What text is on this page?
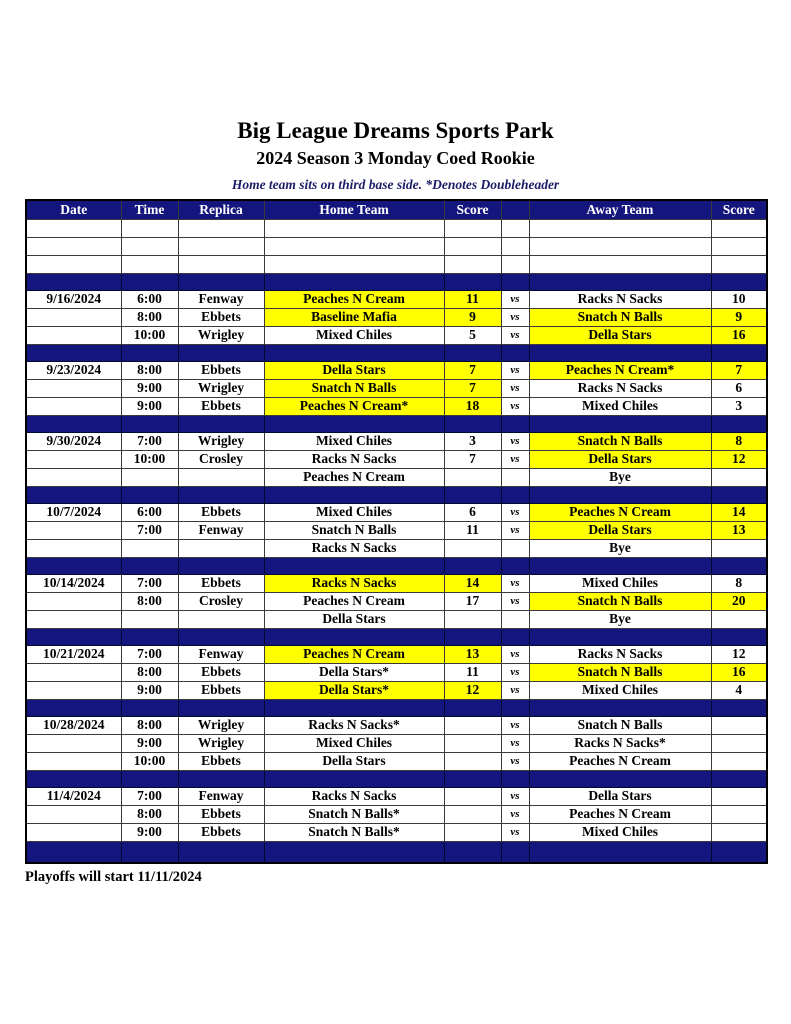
Big League Dreams Sports Park
2024 Season 3 Monday Coed Rookie
Home team sits on third base side. *Denotes Doubleheader
Date	Time	Replica	Home Team	Score		Away Team	Score

9/16/2024	6:00	Fenway	Peaches N Cream	11	vs	Racks N Sacks	10
	8:00	Ebbets	Baseline Mafia	9	vs	Snatch N Balls	9
	10:00	Wrigley	Mixed Chiles	5	vs	Della Stars	16

9/23/2024	8:00	Ebbets	Della Stars	7	vs	Peaches N Cream*	7
	9:00	Wrigley	Snatch N Balls	7	vs	Racks N Sacks	6
	9:00	Ebbets	Peaches N Cream*	18	vs	Mixed Chiles	3

9/30/2024	7:00	Wrigley	Mixed Chiles	3	vs	Snatch N Balls	8
	10:00	Crosley	Racks N Sacks	7	vs	Della Stars	12
			Peaches N Cream			Bye	

10/7/2024	6:00	Ebbets	Mixed Chiles	6	vs	Peaches N Cream	14
	7:00	Fenway	Snatch N Balls	11	vs	Della Stars	13
			Racks N Sacks			Bye	

10/14/2024	7:00	Ebbets	Racks N Sacks	14	vs	Mixed Chiles	8
	8:00	Crosley	Peaches N Cream	17	vs	Snatch N Balls	20
			Della Stars			Bye	

10/21/2024	7:00	Fenway	Peaches N Cream	13	vs	Racks N Sacks	12
	8:00	Ebbets	Della Stars*	11	vs	Snatch N Balls	16
	9:00	Ebbets	Della Stars*	12	vs	Mixed Chiles	4

10/28/2024	8:00	Wrigley	Racks N Sacks*		vs	Snatch N Balls	
	9:00	Wrigley	Mixed Chiles		vs	Racks N Sacks*	
	10:00	Ebbets	Della Stars		vs	Peaches N Cream	

11/4/2024	7:00	Fenway	Racks N Sacks		vs	Della Stars	
	8:00	Ebbets	Snatch N Balls*		vs	Peaches N Cream	
	9:00	Ebbets	Snatch N Balls*		vs	Mixed Chiles	

Playoffs will start 11/11/2024
